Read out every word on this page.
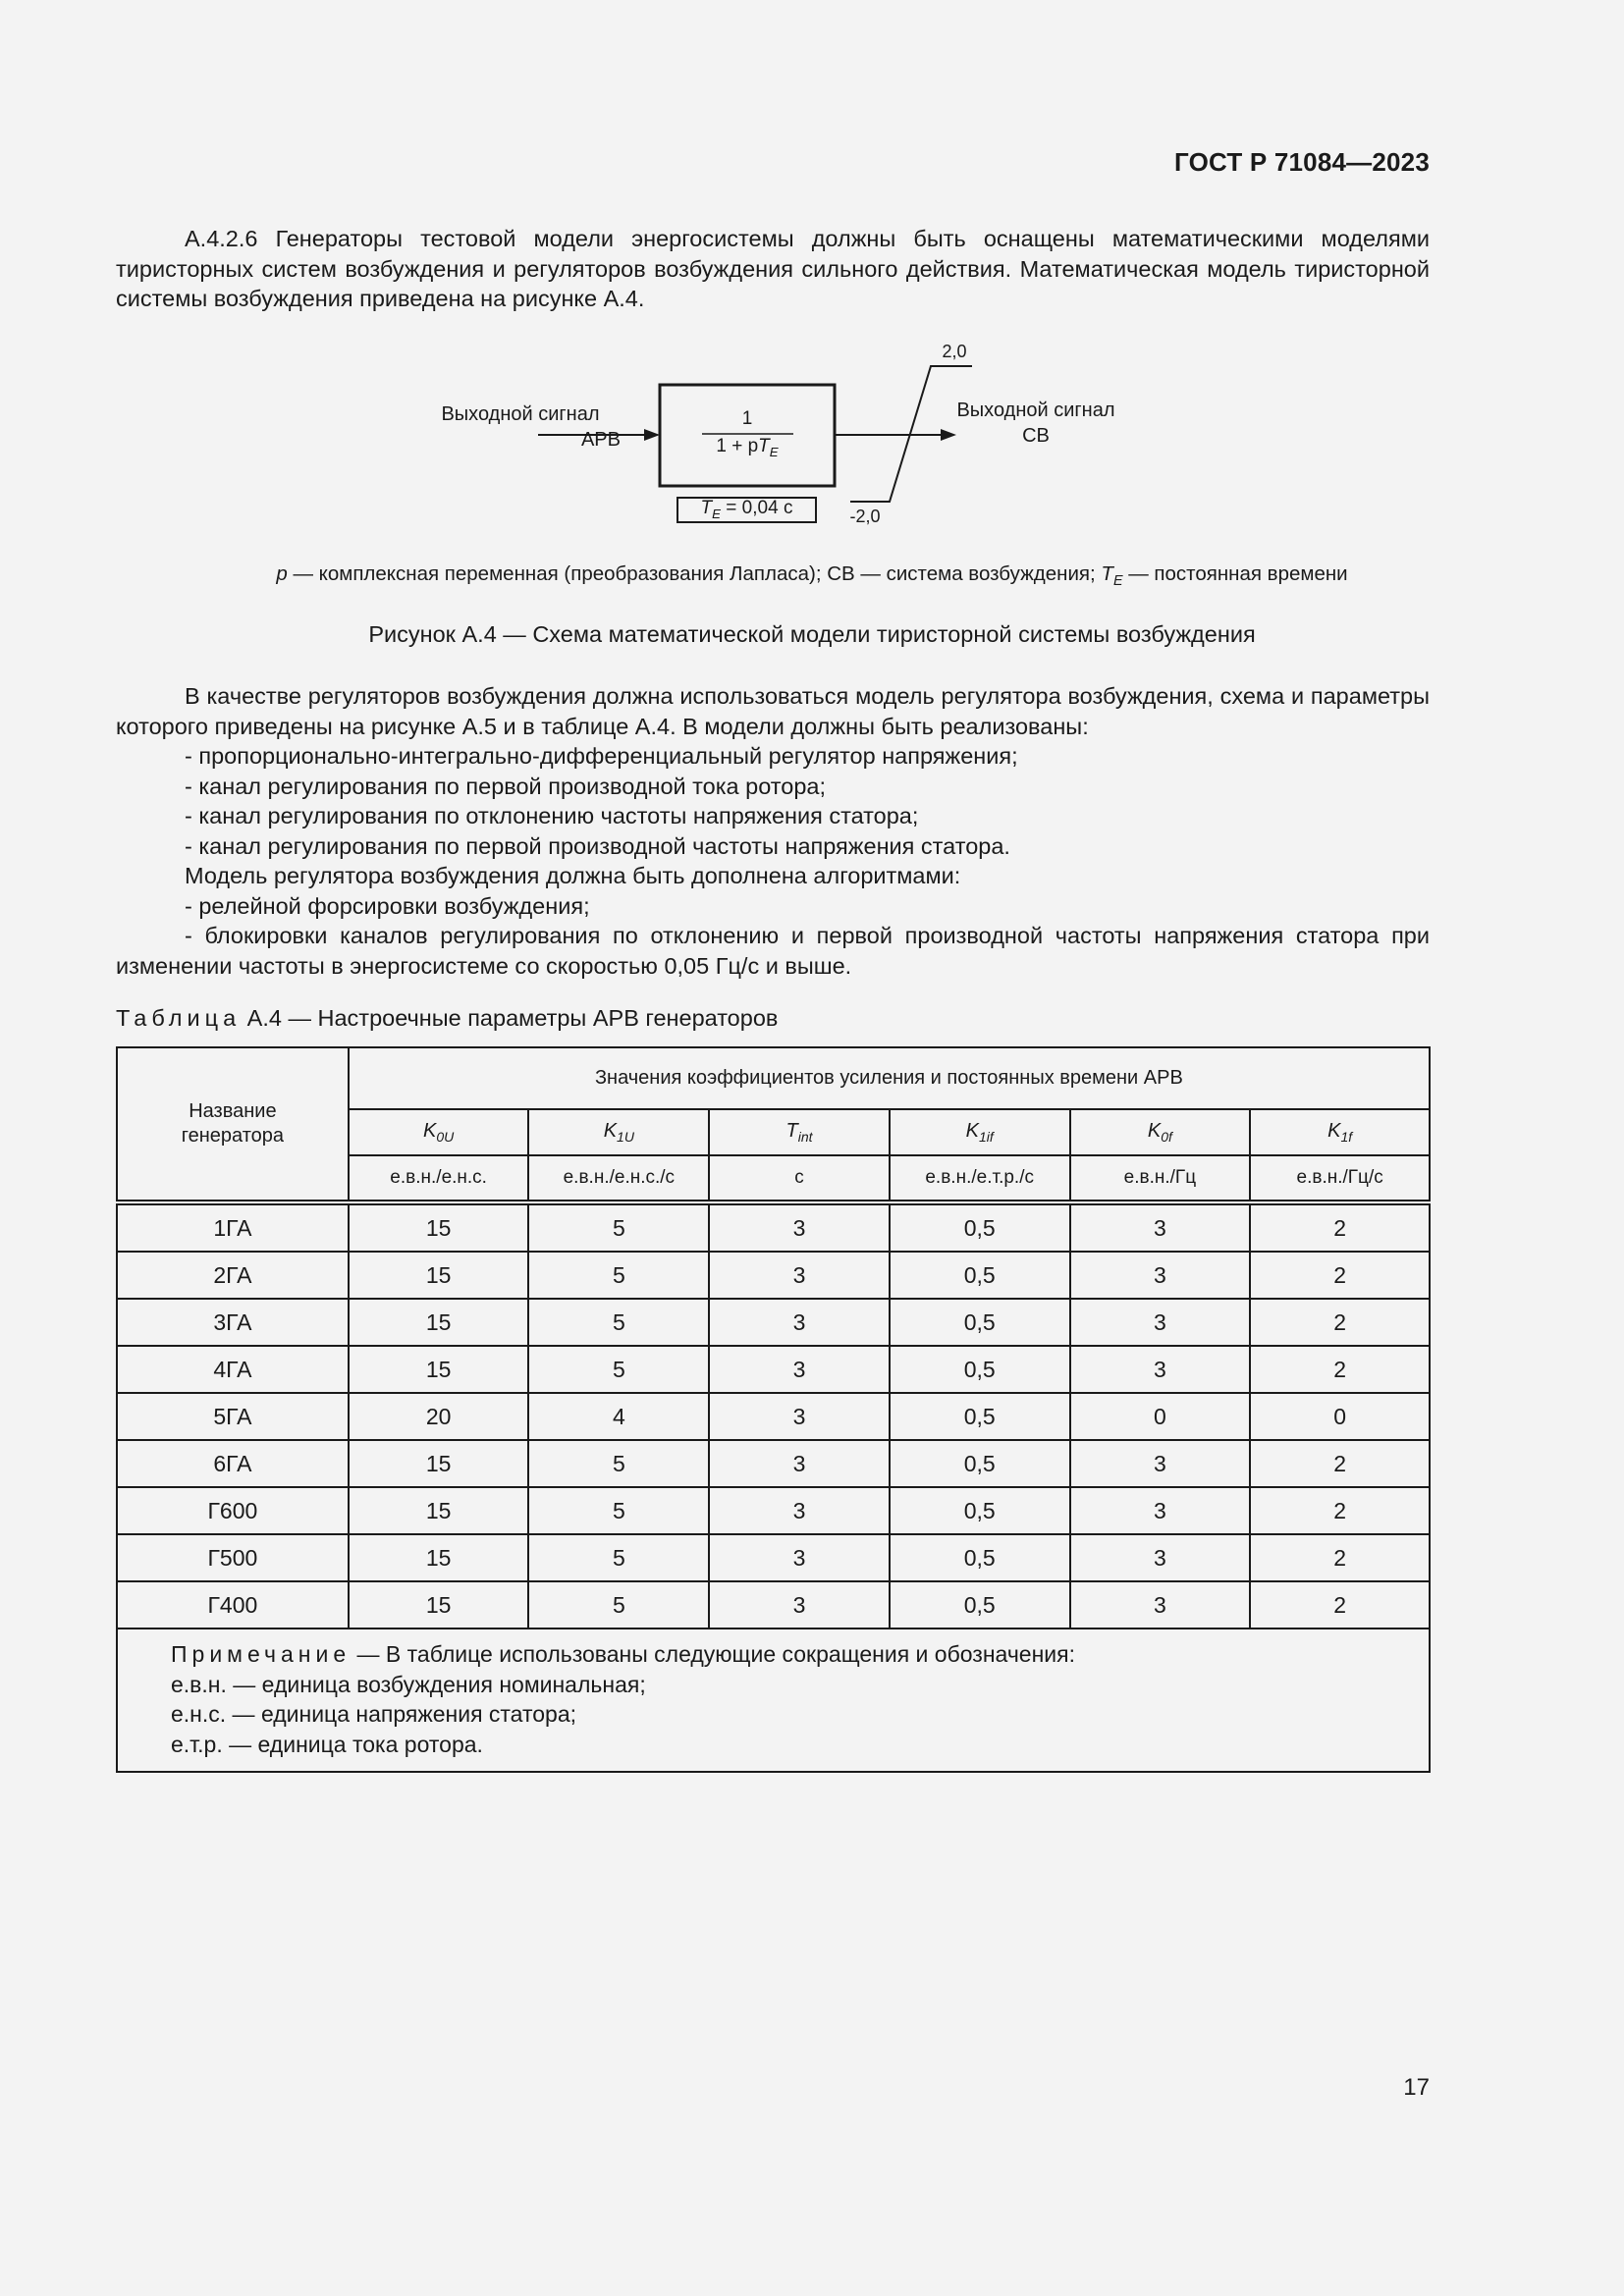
ГОСТ Р 71084—2023

А.4.2.6 Генераторы тестовой модели энергосистемы должны быть оснащены математическими моделями тиристорных систем возбуждения и регуляторов возбуждения сильного действия. Математическая модель тиристорной системы возбуждения приведена на рисунке А.4.

Выходной сигнал
АРВ
1
$1 + pT_E$
$T_E = 0,04$ с
2,0
-2,0
Выходной сигнал
СВ
p — комплексная переменная (преобразования Лапласа); СВ — система возбуждения; $T_E$ — постоянная времени
Рисунок А.4 — Схема математической модели тиристорной системы возбуждения

В качестве регуляторов возбуждения должна использоваться модель регулятора возбуждения, схема и параметры которого приведены на рисунке А.5 и в таблице А.4. В модели должны быть реализованы:

- пропорционально-интегрально-дифференциальный регулятор напряжения;

- канал регулирования по первой производной тока ротора;

- канал регулирования по отклонению частоты напряжения статора;

- канал регулирования по первой производной частоты напряжения статора.

Модель регулятора возбуждения должна быть дополнена алгоритмами:

- релейной форсировки возбуждения;

- блокировки каналов регулирования по отклонению и первой производной частоты напряжения статора при изменении частоты в энергосистеме со скоростью 0,05 Гц/с и выше.

Таблица А.4 — Настроечные параметры АРВ генераторов
Название генератора	Значения коэффициентов усиления и постоянных времени АРВ					
	$K_{0U}$	$K_{1U}$	$T_{int}$	$K_{1if}$	$K_{0f}$	$K_{1f}$
	е.в.н./е.н.с.	е.в.н./е.н.с./с	с	е.в.н./е.т.р./с	е.в.н./Гц	е.в.н./Гц/с
1ГА	15	5	3	0,5	3	2
2ГА	15	5	3	0,5	3	2
3ГА	15	5	3	0,5	3	2
4ГА	15	5	3	0,5	3	2
5ГА	20	4	3	0,5	0	0
6ГА	15	5	3	0,5	3	2
Г600	15	5	3	0,5	3	2
Г500	15	5	3	0,5	3	2
Г400	15	5	3	0,5	3	2

Примечание — В таблице использованы следующие сокращения и обозначения:
е.в.н. — единица возбуждения номинальная;
е.н.с. — единица напряжения статора;
е.т.р. — единица тока ротора.						
17
